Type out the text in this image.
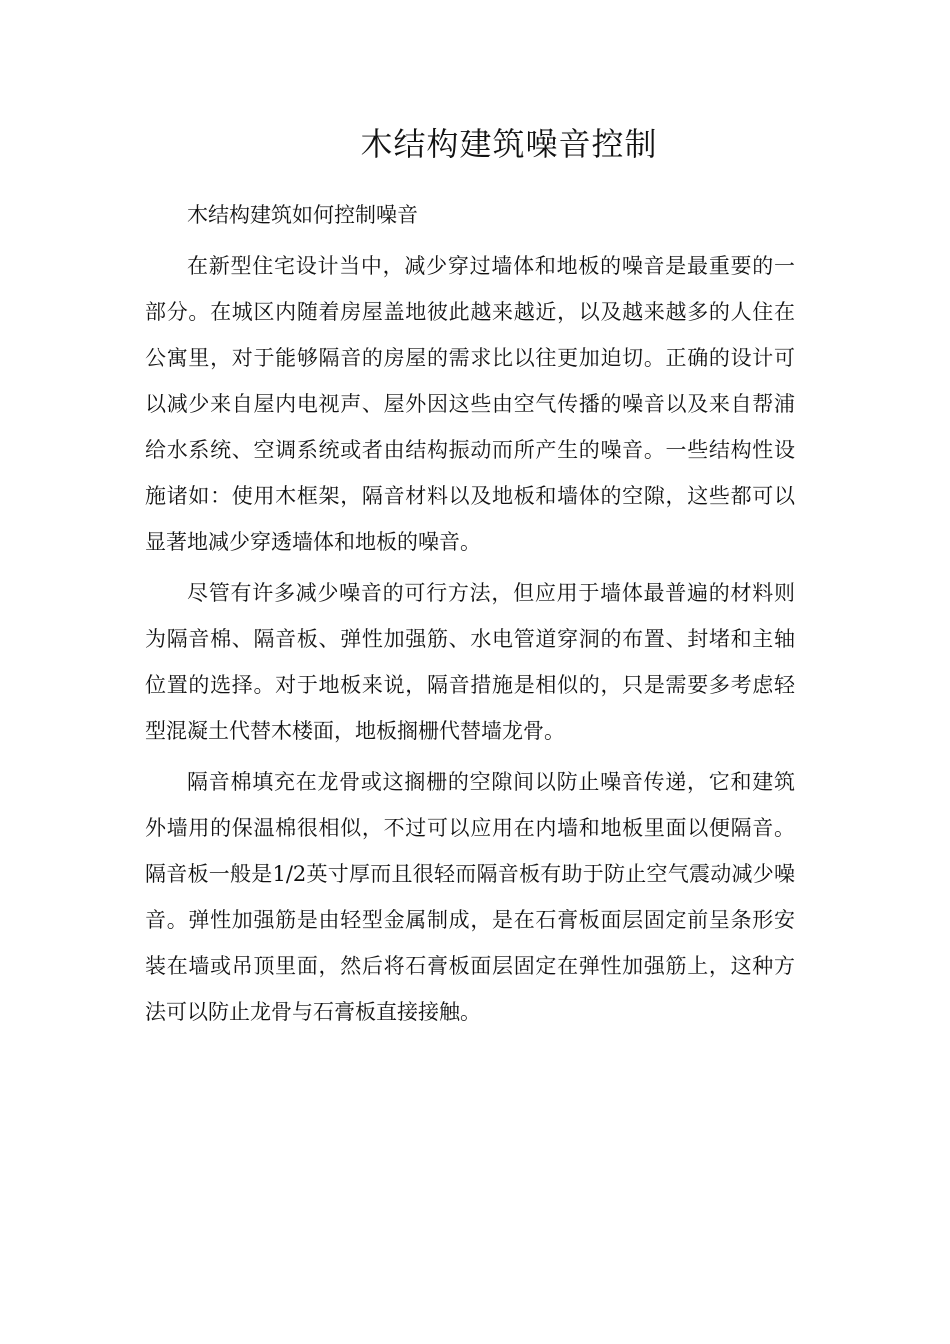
木结构建筑噪音控制

木结构建筑如何控制噪音

在新型住宅设计当中，减少穿过墙体和地板的噪音是最重要的一部分。在城区内随着房屋盖地彼此越来越近，以及越来越多的人住在公寓里，对于能够隔音的房屋的需求比以往更加迫切。正确的设计可以减少来自屋内电视声、屋外因这些由空气传播的噪音以及来自帮浦给水系统、空调系统或者由结构振动而所产生的噪音。一些结构性设施诸如：使用木框架，隔音材料以及地板和墙体的空隙，这些都可以显著地减少穿透墙体和地板的噪音。

尽管有许多减少噪音的可行方法，但应用于墙体最普遍的材料则为隔音棉、隔音板、弹性加强筋、水电管道穿洞的布置、封堵和主轴位置的选择。对于地板来说，隔音措施是相似的，只是需要多考虑轻型混凝土代替木楼面，地板搁栅代替墙龙骨。

隔音棉填充在龙骨或这搁栅的空隙间以防止噪音传递，它和建筑外墙用的保温棉很相似，不过可以应用在内墙和地板里面以便隔音。隔音板一般是1/2英寸厚而且很轻而隔音板有助于防止空气震动减少噪音。弹性加强筋是由轻型金属制成，是在石膏板面层固定前呈条形安装在墙或吊顶里面，然后将石膏板面层固定在弹性加强筋上，这种方法可以防止龙骨与石膏板直接接触。
